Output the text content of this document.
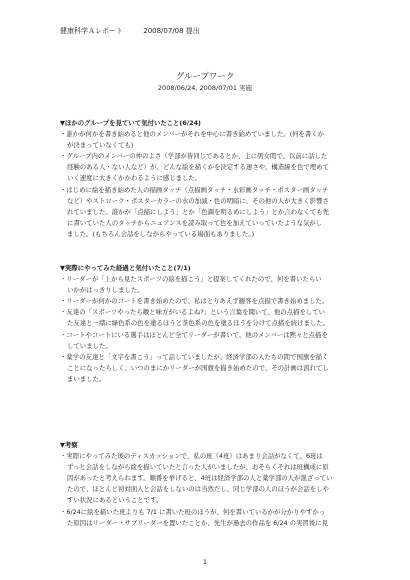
健康科学Ａレポート	2008/07/08 提出
グループワーク
2008/06/24, 2008/07/01 実施
▼ほかのグループを見ていて気付いたこと(6/24)
・誰かが何かを書き始めると他のメンバーがそれを中心に書き始めていました。(何を書くか
が決まっていなくても)
・グループ内のメンバーの仲のよさ（学部が皆同じであるとか、主に男女間で、以前に話した
経験のある人・ない人など）が、どんな絵を描くかを決定する速さや、構造線を色で埋めて
いく速度に大きくかかわるように感じました。
・はじめに絵を描き始めた人の描画タッチ（点描画タッチ・水彩画タッチ・ポスター画タッチ
など）やストローク・ポスターカラーの水の加減・色の明暗に、その他の人が大きく影響さ
れていました。誰かが「点描にしよう」とか「色調を明るめにしよう」とか言わなくても先
に書いていた人のタッチからニュアンスを読み取って色を加えていっていたような気がし
ました。(もちろん会話をしながらやっている場面もありました。)
▼実際にやってみた経過と気付いたこと(7/1)
・リーダーが「上から見たスポーツの絵を描こう」と提案してくれたので、何を書いたらい
いかがはっきりしました。
・リーダーが何かのコートを書き始めたので、私はとりあえず観客を点描で書き始めました。
・友達の「スポーツやったら敵と味方がいるよね?」という言葉を聞いて、他の点描をしてい
た友達と一緒に緑色系の色を塗るほうと茶色系の色を塗るほうを分けて点描を続けました。
・コートやコートにいる選手はほとんど全てリーダーが書いて、他のメンバーは黙々と点描を
していました。
・薬学の友達と「文字を書こう」って話していましたが、経済学部の人たちの間で国旗を描く
ことになったらしく、いつのまにかリーダーが国旗を描き始めたので、その計画は流れてし
まいました。
▼考察
・実際にやってみた後のディスカッションで、私の班（4班）はあまり会話がなくて、6班は
ずっと会話をしながら絵を描いていたと言った人がいましたが、おそらくそれは班構成に原
因があったと考えられます。順番を挙げると、4班は経済学部の人と薬学部の人が混ざってい
たので、ほとんど初対面人と会話をしないのは当然だし、同じ学部の人のほうが会話をしや
すい状況にあるということです。
・6/24に絵を描いた班よりも 7/1 に書いた班のほうが、何を書いているかが分かりやすかっ
た原因はリーダー・サブリーダーを置いたことか、先生が過去の作品を 6/24 の実習後に見
1
